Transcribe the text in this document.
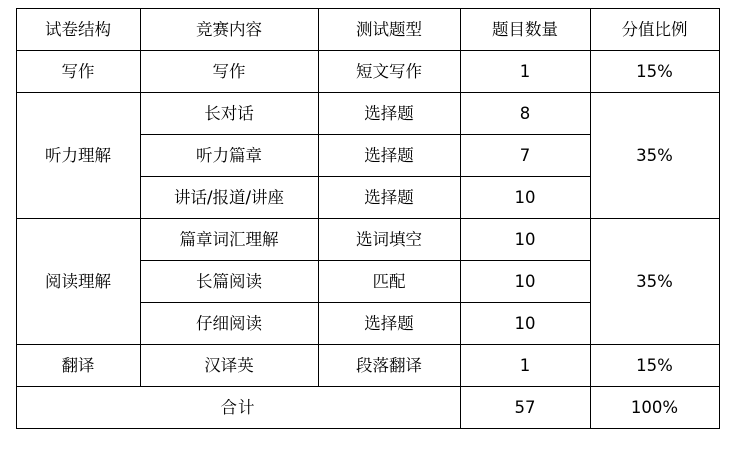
试卷结构	竞赛内容	测试题型	题目数量	分值比例
写作	写作	短文写作	1	15%
听力理解	长对话	选择题	8	35%
	听力篇章	选择题	7	
	讲话/报道/讲座	选择题	10	
阅读理解	篇章词汇理解	选词填空	10	35%
	长篇阅读	匹配	10	
	仔细阅读	选择题	10	
翻译	汉译英	段落翻译	1	15%
合计			57	100%
